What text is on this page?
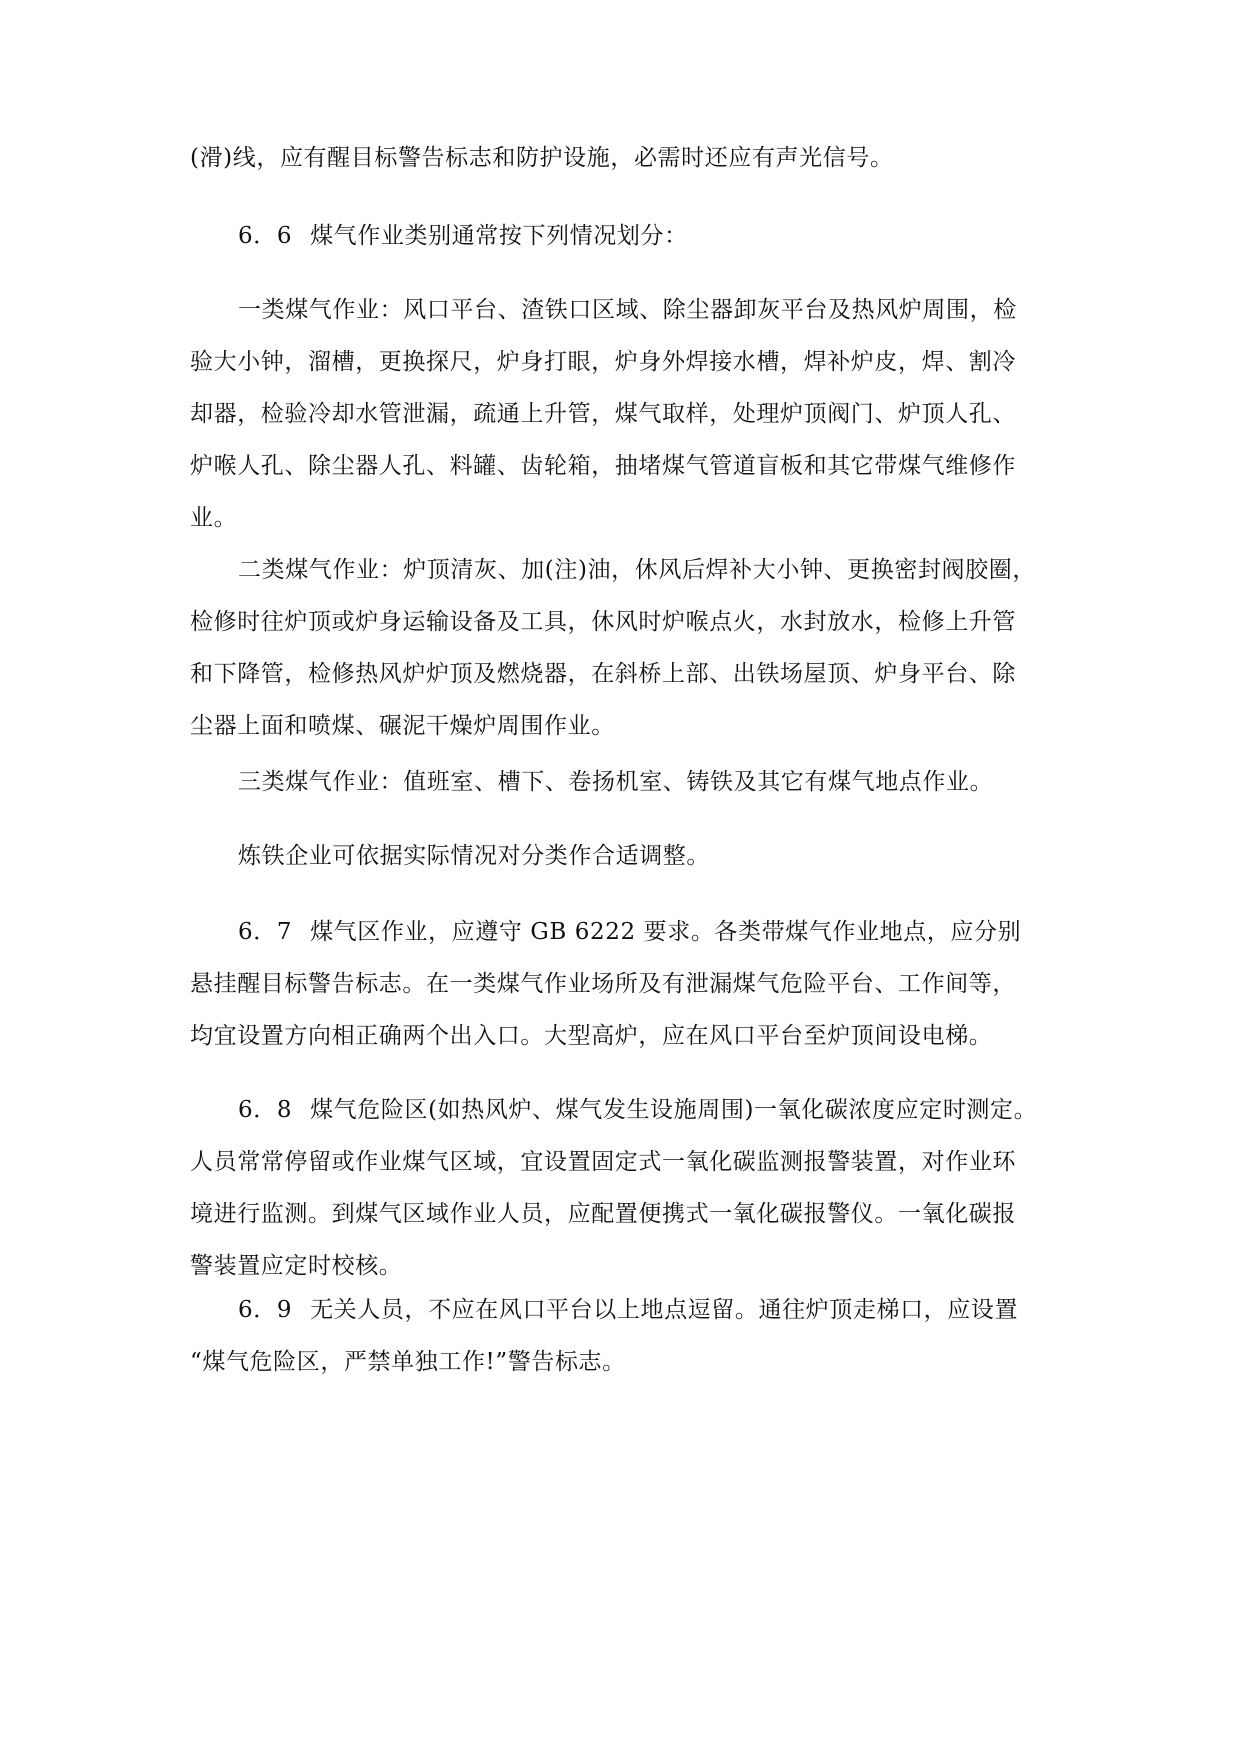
(滑)线，应有醒目标警告标志和防护设施，必需时还应有声光信号。

6．6 煤气作业类别通常按下列情况划分：

一类煤气作业：风口平台、渣铁口区域、除尘器卸灰平台及热风炉周围，检
验大小钟，溜槽，更换探尺，炉身打眼，炉身外焊接水槽，焊补炉皮，焊、割冷
却器，检验冷却水管泄漏，疏通上升管，煤气取样，处理炉顶阀门、炉顶人孔、
炉喉人孔、除尘器人孔、料罐、齿轮箱，抽堵煤气管道盲板和其它带煤气维修作
业。

二类煤气作业：炉顶清灰、加(注)油，休风后焊补大小钟、更换密封阀胶圈，
检修时往炉顶或炉身运输设备及工具，休风时炉喉点火，水封放水，检修上升管
和下降管，检修热风炉炉顶及燃烧器，在斜桥上部、出铁场屋顶、炉身平台、除
尘器上面和喷煤、碾泥干燥炉周围作业。

三类煤气作业：值班室、槽下、卷扬机室、铸铁及其它有煤气地点作业。

炼铁企业可依据实际情况对分类作合适调整。

6．7 煤气区作业，应遵守 GB 6222 要求。各类带煤气作业地点，应分别
悬挂醒目标警告标志。在一类煤气作业场所及有泄漏煤气危险平台、工作间等，
均宜设置方向相正确两个出入口。大型高炉，应在风口平台至炉顶间设电梯。

6．8 煤气危险区(如热风炉、煤气发生设施周围)一氧化碳浓度应定时测定。
人员常常停留或作业煤气区域，宜设置固定式一氧化碳监测报警装置，对作业环
境进行监测。到煤气区域作业人员，应配置便携式一氧化碳报警仪。一氧化碳报
警装置应定时校核。

6．9 无关人员，不应在风口平台以上地点逗留。通往炉顶走梯口，应设置
“煤气危险区，严禁单独工作!”警告标志。
